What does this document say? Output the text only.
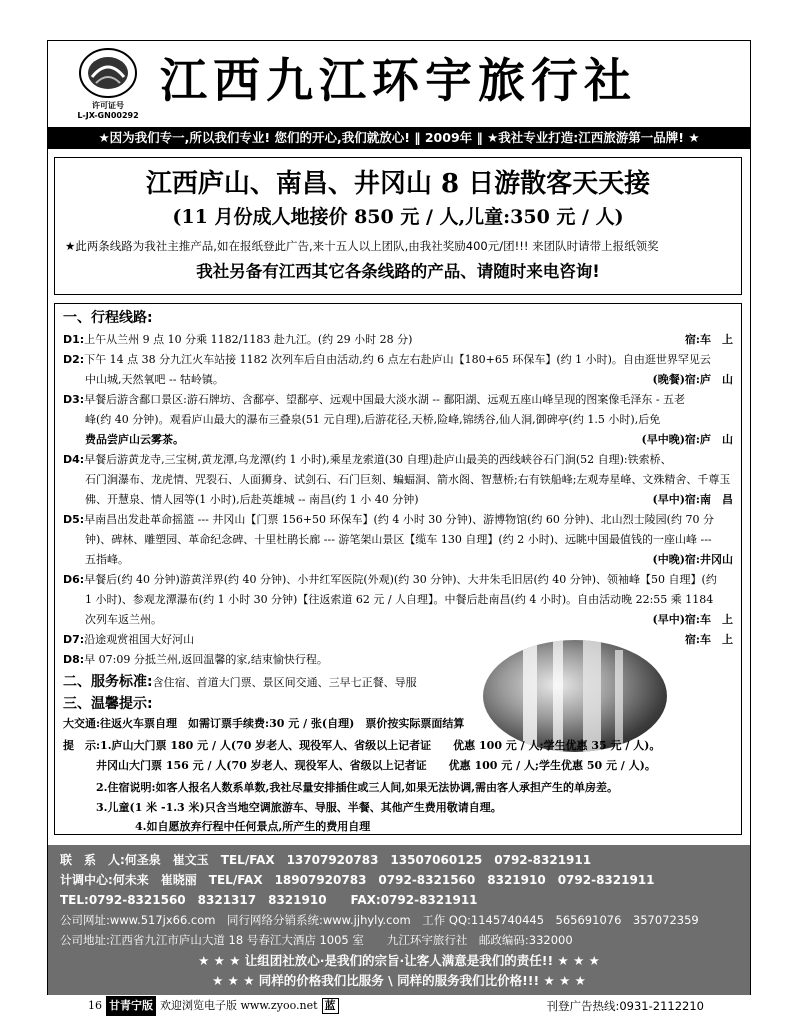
许可证号
L-JX-GN00292
江西九江环宇旅行社
★因为我们专一,所以我们专业! 您们的开心,我们就放心! ‖ 2009年 ‖ ★我社专业打造:江西旅游第一品牌! ★
江西庐山、南昌、井冈山 8 日游散客天天接
(11 月份成人地接价 850 元 / 人,儿童:350 元 / 人)
★此两条线路为我社主推产品,如在报纸登此广告,来十五人以上团队,由我社奖励400元/团!!! 来团队时请带上报纸领奖
我社另备有江西其它各条线路的产品、请随时来电咨询!
一、行程线路:
D1:上午从兰州 9 点 10 分乘 1182/1183 赴九江。(约 29 小时 28 分)	宿:车　上
D2:下午 14 点 38 分九江火车站接 1182 次列车后自由活动,约 6 点左右赴庐山【180+65 环保车】(约 1 小时)。自由逛世界罕见云
中山城,天然氧吧 -- 牯岭镇。	(晚餐)宿:庐　山
D3:早餐后游含鄱口景区:游石牌坊、含鄱亭、望鄱亭、远观中国最大淡水湖 -- 鄱阳湖、远观五座山峰呈现的图案像毛泽东 - 五老
峰(约 40 分钟)。观看庐山最大的瀑布三叠泉(51 元自理),后游花径,天桥,险峰,锦绣谷,仙人洞,御碑亭(约 1.5 小时),后免
费品尝庐山云雾茶。	(早中晚)宿:庐　山
D4:早餐后游黄龙寺,三宝树,黄龙潭,乌龙潭(约 1 小时),乘星龙索道(30 自理)赴庐山最美的西线峡谷石门涧(52 自理):铁索桥、
石门涧瀑布、龙虎情、咒裂石、人面狮身、试剑石、石门巨刻、蝙蝠洞、箭水阁、智慧桥;右有铁船峰;左观寿星峰、文殊精舍、千尊玉
佛、开慧泉、情人园等(1 小时),后赴英雄城 -- 南昌(约 1 小 40 分钟)	(早中)宿:南　昌
D5:早南昌出发赴革命摇篮 --- 井冈山【门票 156+50 环保车】(约 4 小时 30 分钟)、游博物馆(约 60 分钟)、北山烈士陵园(约 70 分
钟)、碑林、雕塑园、革命纪念碑、十里杜鹃长廊 --- 游笔架山景区【缆车 130 自理】(约 2 小时)、远眺中国最值钱的一座山峰 ---
五指峰。	(中晚)宿:井冈山
D6:早餐后(约 40 分钟)游黄洋界(约 40 分钟)、小井红军医院(外观)(约 30 分钟)、大井朱毛旧居(约 40 分钟)、领袖峰【50 自理】(约
1 小时)、参观龙潭瀑布(约 1 小时 30 分钟)【往返索道 62 元 / 人自理】。中餐后赴南昌(约 4 小时)。自由活动晚 22:55 乘 1184
次列车返兰州。	(早中)宿:车　上
D7:沿途观赏祖国大好河山	宿:车　上
D8:早 07:09 分抵兰州,返回温馨的家,结束愉快行程。
二、服务标准:含住宿、首道大门票、景区间交通、三早七正餐、导服
三、温馨提示:
大交通:往返火车票自理　如需订票手续费:30 元 / 张(自理)　票价按实际票面结算
提　示:1.庐山大门票 180 元 / 人(70 岁老人、现役军人、省级以上记者证　　优惠 100 元 / 人;学生优惠 35 元 / 人)。
　　　井冈山大门票 156 元 / 人(70 岁老人、现役军人、省级以上记者证　　优惠 100 元 / 人;学生优惠 50 元 / 人)。
　　　2.住宿说明:如客人报名人数系单数,我社尽量安排插住或三人间,如果无法协调,需由客人承担产生的单房差。
　　　3.儿童(1 米 -1.3 米)只含当地空调旅游车、导服、半餐、其他产生费用敬请自理。
　　　4.如自愿放弃行程中任何景点,所产生的费用自理
联　系　人:何圣泉　崔文玉　TEL/FAX　13707920783　13507060125　0792-8321911
计调中心:何未来　崔晓丽　TEL/FAX　18907920783　0792-8321560　8321910　0792-8321911
TEL:0792-8321560　8321317　8321910　　FAX:0792-8321911
公司网址:www.517jx66.com　同行网络分销系统:www.jjhyly.com　工作 QQ:1145740445　565691076　357072359
公司地址:江西省九江市庐山大道 18 号春江大酒店 1005 室　　九江环宇旅行社　邮政编码:332000
★ ★ ★ 让组团社放心·是我们的宗旨·让客人满意是我们的责任!! ★ ★ ★
★ ★ ★ 同样的价格我们比服务 \ 同样的服务我们比价格!!! ★ ★ ★
16 甘青宁版 欢迎浏览电子版 www.zyoo.net 蓝	刊登广告热线:0931-2112210
